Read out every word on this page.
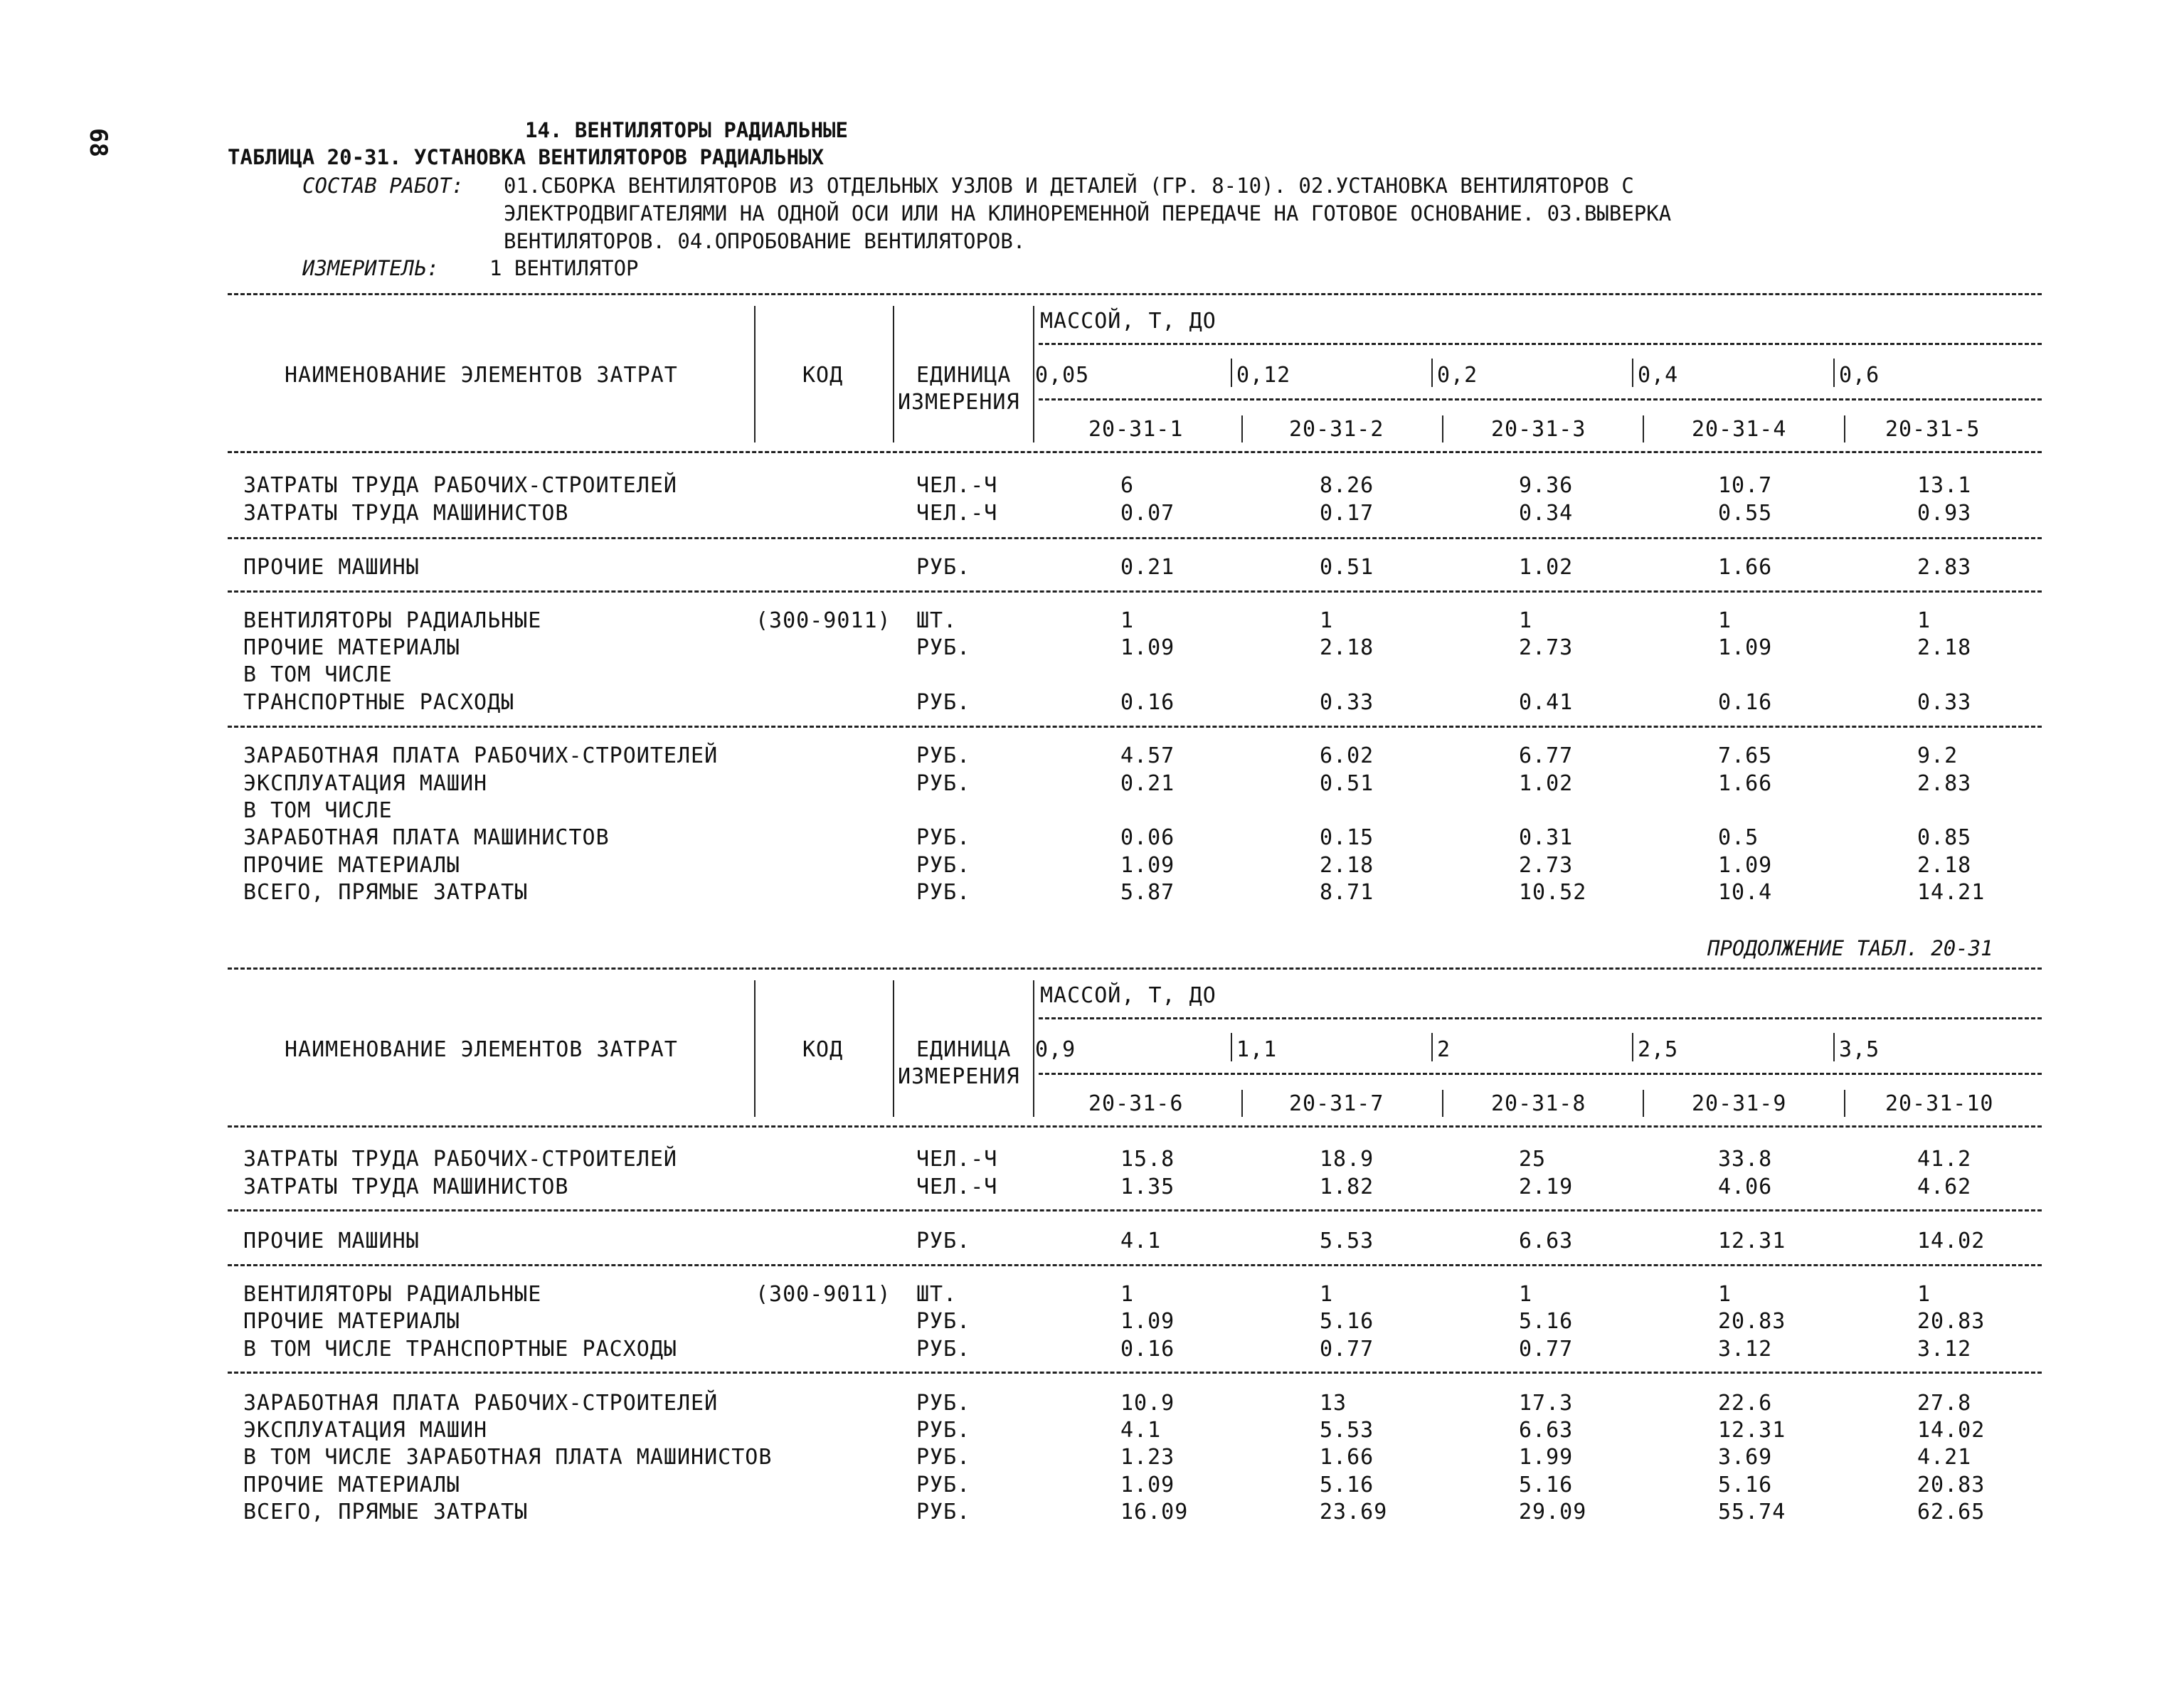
68	14. ВЕНТИЛЯТОРЫ РАДИАЛЬНЫЕ
ТАБЛИЦА 20-31. УСТАНОВКА ВЕНТИЛЯТОРОВ РАДИАЛЬНЫХ
СОСТАВ РАБОТ: 01.СБОРКА ВЕНТИЛЯТОРОВ ИЗ ОТДЕЛЬНЫХ УЗЛОВ И ДЕТАЛЕЙ (ГР. 8-10). 02.УСТАНОВКА ВЕНТИЛЯТОРОВ С
ЭЛЕКТРОДВИГАТЕЛЯМИ НА ОДНОЙ ОСИ ИЛИ НА КЛИНОРЕМЕННОЙ ПЕРЕДАЧЕ НА ГОТОВОЕ ОСНОВАНИЕ. 03.ВЫВЕРКА
ВЕНТИЛЯТОРОВ. 04.ОПРОБОВАНИЕ ВЕНТИЛЯТОРОВ.
ИЗМЕРИТЕЛЬ: 1 ВЕНТИЛЯТОР
МАССОЙ, Т, ДО
НАИМЕНОВАНИЕ ЭЛЕМЕНТОВ ЗАТРАТ	КОД	ЕДИНИЦА
ИЗМЕРЕНИЯ
0,05	0,12	0,2	0,4	0,6
20-31-1	20-31-2	20-31-3	20-31-4	20-31-5
ЗАТРАТЫ ТРУДА РАБОЧИХ-СТРОИТЕЛЕЙ	ЧЕЛ.-Ч	6	8.26	9.36	10.7	13.1
ЗАТРАТЫ ТРУДА МАШИНИСТОВ	ЧЕЛ.-Ч	0.07	0.17	0.34	0.55	0.93
ПРОЧИЕ МАШИНЫ	РУБ.	0.21	0.51	1.02	1.66	2.83
ВЕНТИЛЯТОРЫ РАДИАЛЬНЫЕ	(300-9011) ШТ.	1	1	1	1	1
ПРОЧИЕ МАТЕРИАЛЫ	РУБ.	1.09	2.18	2.73	1.09	2.18
В ТОМ ЧИСЛЕ
ТРАНСПОРТНЫЕ РАСХОДЫ	РУБ.	0.16	0.33	0.41	0.16	0.33
ЗАРАБОТНАЯ ПЛАТА РАБОЧИХ-СТРОИТЕЛЕЙ	РУБ.	4.57	6.02	6.77	7.65	9.2
ЭКСПЛУАТАЦИЯ МАШИН	РУБ.	0.21	0.51	1.02	1.66	2.83
В ТОМ ЧИСЛЕ
ЗАРАБОТНАЯ ПЛАТА МАШИНИСТОВ	РУБ.	0.06	0.15	0.31	0.5	0.85
ПРОЧИЕ МАТЕРИАЛЫ	РУБ.	1.09	2.18	2.73	1.09	2.18
ВСЕГО, ПРЯМЫЕ ЗАТРАТЫ	РУБ.	5.87	8.71	10.52	10.4	14.21
ПРОДОЛЖЕНИЕ ТАБЛ. 20-31
МАССОЙ, Т, ДО
НАИМЕНОВАНИЕ ЭЛЕМЕНТОВ ЗАТРАТ	КОД	ЕДИНИЦА
ИЗМЕРЕНИЯ
0,9	1,1	2	2,5	3,5
20-31-6	20-31-7	20-31-8	20-31-9	20-31-10
ЗАТРАТЫ ТРУДА РАБОЧИХ-СТРОИТЕЛЕЙ	ЧЕЛ.-Ч	15.8	18.9	25	33.8	41.2
ЗАТРАТЫ ТРУДА МАШИНИСТОВ	ЧЕЛ.-Ч	1.35	1.82	2.19	4.06	4.62
ПРОЧИЕ МАШИНЫ	РУБ.	4.1	5.53	6.63	12.31	14.02
ВЕНТИЛЯТОРЫ РАДИАЛЬНЫЕ	(300-9011) ШТ.	1	1	1	1	1
ПРОЧИЕ МАТЕРИАЛЫ	РУБ.	1.09	5.16	5.16	20.83	20.83
В ТОМ ЧИСЛЕ ТРАНСПОРТНЫЕ РАСХОДЫ	РУБ.	0.16	0.77	0.77	3.12	3.12
ЗАРАБОТНАЯ ПЛАТА РАБОЧИХ-СТРОИТЕЛЕЙ	РУБ.	10.9	13	17.3	22.6	27.8
ЭКСПЛУАТАЦИЯ МАШИН	РУБ.	4.1	5.53	6.63	12.31	14.02
В ТОМ ЧИСЛЕ ЗАРАБОТНАЯ ПЛАТА МАШИНИСТОВ	РУБ.	1.23	1.66	1.99	3.69	4.21
ПРОЧИЕ МАТЕРИАЛЫ	РУБ.	1.09	5.16	5.16	5.16	20.83
ВСЕГО, ПРЯМЫЕ ЗАТРАТЫ	РУБ.	16.09	23.69	29.09	55.74	62.65
